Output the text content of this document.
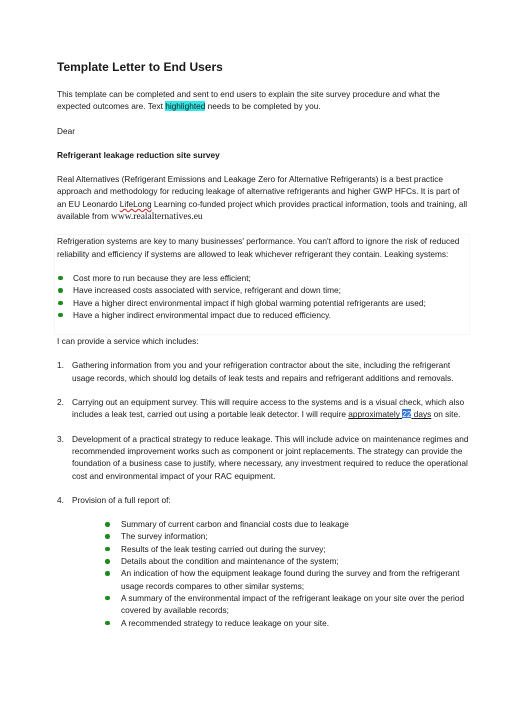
Template Letter to End Users

This template can be completed and sent to end users to explain the site survey procedure and what the expected outcomes are. Text highlighted needs to be completed by you.

Dear

Refrigerant leakage reduction site survey

Real Alternatives (Refrigerant Emissions and Leakage Zero for Alternative Refrigerants) is a best practice approach and methodology for reducing leakage of alternative refrigerants and higher GWP HFCs. It is part of an EU Leonardo LifeLong Learning co-funded project which provides practical information, tools and training, all available from www.realalternatives.eu

Refrigeration systems are key to many businesses' performance. You can't afford to ignore the risk of reduced reliability and efficiency if systems are allowed to leak whichever refrigerant they contain. Leaking systems:

Cost more to run because they are less efficient;
Have increased costs associated with service, refrigerant and down time;
Have a higher direct environmental impact if high global warming potential refrigerants are used;
Have a higher indirect environmental impact due to reduced efficiency.

I can provide a service which includes:

1. Gathering information from you and your refrigeration contractor about the site, including the refrigerant usage records, which should log details of leak tests and repairs and refrigerant additions and removals.
2. Carrying out an equipment survey. This will require access to the systems and is a visual check, which also includes a leak test, carried out using a portable leak detector. I will require approximately 22 days on site.
3. Development of a practical strategy to reduce leakage. This will include advice on maintenance regimes and recommended improvement works such as component or joint replacements. The strategy can provide the foundation of a business case to justify, where necessary, any investment required to reduce the operational cost and environmental impact of your RAC equipment.
4. Provision of a full report of:
Summary of current carbon and financial costs due to leakage
The survey information;
Results of the leak testing carried out during the survey;
Details about the condition and maintenance of the system;
An indication of how the equipment leakage found during the survey and from the refrigerant usage records compares to other similar systems;
A summary of the environmental impact of the refrigerant leakage on your site over the period covered by available records;
A recommended strategy to reduce leakage on your site.
